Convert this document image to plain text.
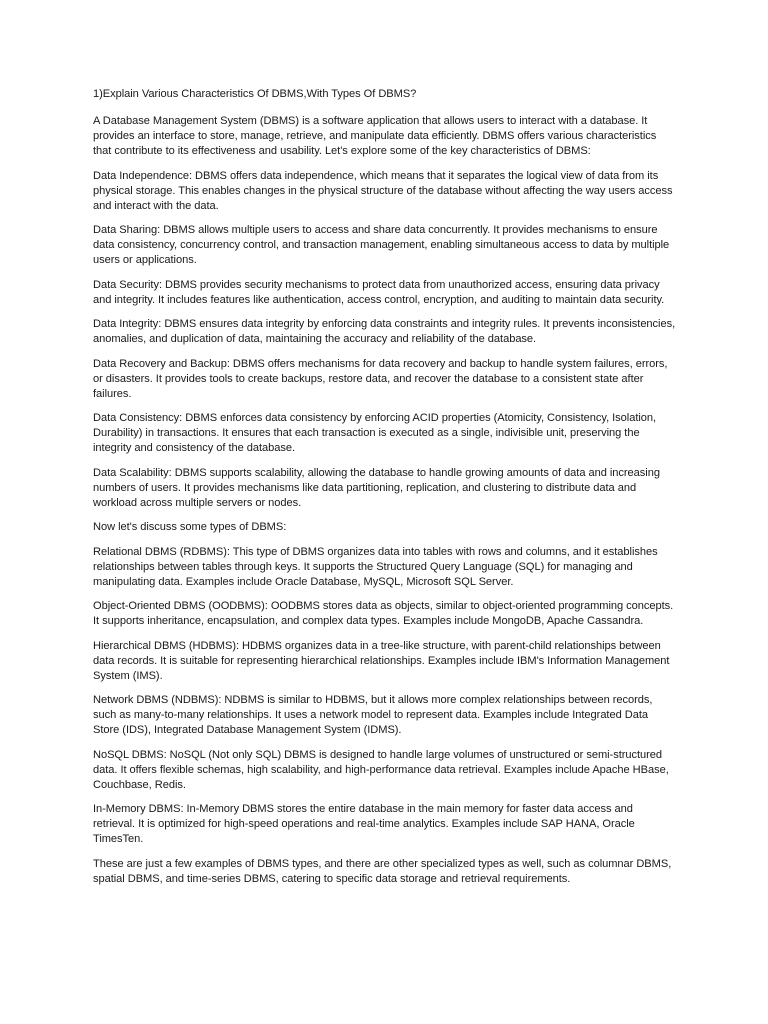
1)Explain Various Characteristics Of DBMS,With Types Of DBMS?

A Database Management System (DBMS) is a software application that allows users to interact with a database. It provides an interface to store, manage, retrieve, and manipulate data efficiently. DBMS offers various characteristics that contribute to its effectiveness and usability. Let's explore some of the key characteristics of DBMS:

Data Independence: DBMS offers data independence, which means that it separates the logical view of data from its physical storage. This enables changes in the physical structure of the database without affecting the way users access and interact with the data.

Data Sharing: DBMS allows multiple users to access and share data concurrently. It provides mechanisms to ensure data consistency, concurrency control, and transaction management, enabling simultaneous access to data by multiple users or applications.

Data Security: DBMS provides security mechanisms to protect data from unauthorized access, ensuring data privacy and integrity. It includes features like authentication, access control, encryption, and auditing to maintain data security.

Data Integrity: DBMS ensures data integrity by enforcing data constraints and integrity rules. It prevents inconsistencies, anomalies, and duplication of data, maintaining the accuracy and reliability of the database.

Data Recovery and Backup: DBMS offers mechanisms for data recovery and backup to handle system failures, errors, or disasters. It provides tools to create backups, restore data, and recover the database to a consistent state after failures.

Data Consistency: DBMS enforces data consistency by enforcing ACID properties (Atomicity, Consistency, Isolation, Durability) in transactions. It ensures that each transaction is executed as a single, indivisible unit, preserving the integrity and consistency of the database.

Data Scalability: DBMS supports scalability, allowing the database to handle growing amounts of data and increasing numbers of users. It provides mechanisms like data partitioning, replication, and clustering to distribute data and workload across multiple servers or nodes.

Now let's discuss some types of DBMS:

Relational DBMS (RDBMS): This type of DBMS organizes data into tables with rows and columns, and it establishes relationships between tables through keys. It supports the Structured Query Language (SQL) for managing and manipulating data. Examples include Oracle Database, MySQL, Microsoft SQL Server.

Object-Oriented DBMS (OODBMS): OODBMS stores data as objects, similar to object-oriented programming concepts. It supports inheritance, encapsulation, and complex data types. Examples include MongoDB, Apache Cassandra.

Hierarchical DBMS (HDBMS): HDBMS organizes data in a tree-like structure, with parent-child relationships between data records. It is suitable for representing hierarchical relationships. Examples include IBM's Information Management System (IMS).

Network DBMS (NDBMS): NDBMS is similar to HDBMS, but it allows more complex relationships between records, such as many-to-many relationships. It uses a network model to represent data. Examples include Integrated Data Store (IDS), Integrated Database Management System (IDMS).

NoSQL DBMS: NoSQL (Not only SQL) DBMS is designed to handle large volumes of unstructured or semi-structured data. It offers flexible schemas, high scalability, and high-performance data retrieval. Examples include Apache HBase, Couchbase, Redis.

In-Memory DBMS: In-Memory DBMS stores the entire database in the main memory for faster data access and retrieval. It is optimized for high-speed operations and real-time analytics. Examples include SAP HANA, Oracle TimesTen.

These are just a few examples of DBMS types, and there are other specialized types as well, such as columnar DBMS, spatial DBMS, and time-series DBMS, catering to specific data storage and retrieval requirements.
